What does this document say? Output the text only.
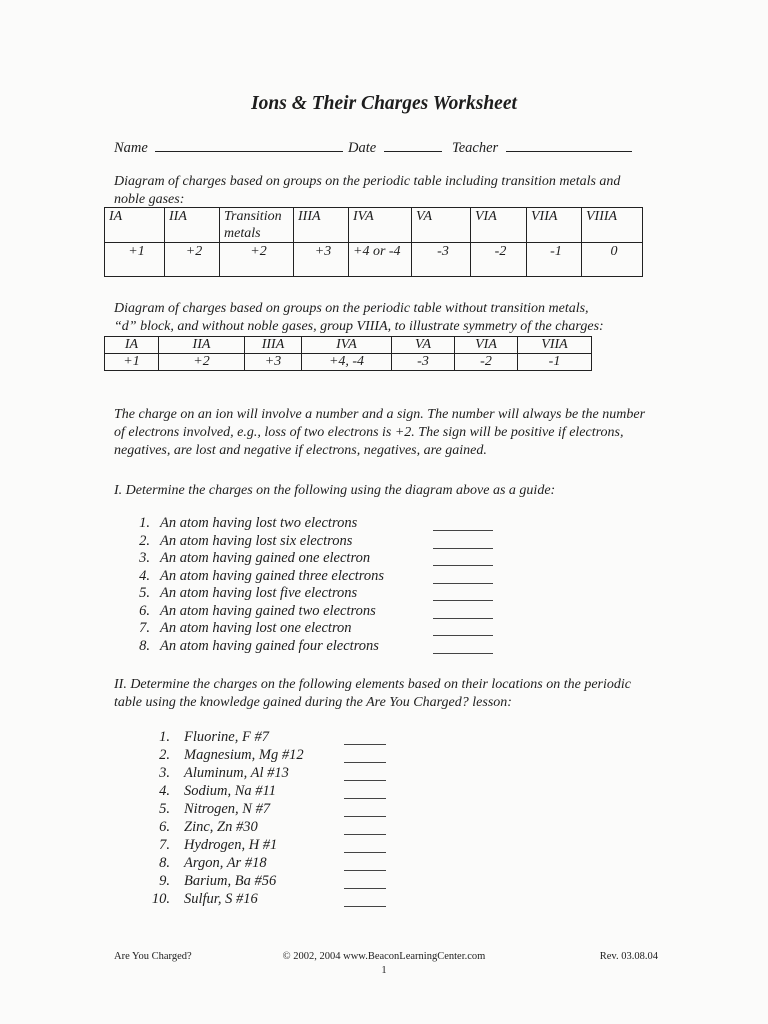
Ions & Their Charges Worksheet
Name	Date	Teacher
Diagram of charges based on groups on the periodic table including transition metals and noble gases:
IA	IIA	Transition metals	IIIA	IVA	VA	VIA	VIIA	VIIIA
+1	+2	+2	+3	+4 or -4	-3	-2	-1	0
Diagram of charges based on groups on the periodic table without transition metals,
“d” block, and without noble gases, group VIIIA, to illustrate symmetry of the charges:
IA	IIA	IIIA	IVA	VA	VIA	VIIA
+1	+2	+3	+4, -4	-3	-2	-1
The charge on an ion will involve a number and a sign. The number will always be the number of electrons involved, e.g., loss of two electrons is +2. The sign will be positive if electrons, negatives, are lost and negative if electrons, negatives, are gained.
I. Determine the charges on the following using the diagram above as a guide:
1. An atom having lost two electrons
2. An atom having lost six electrons
3. An atom having gained one electron
4. An atom having gained three electrons
5. An atom having lost five electrons
6. An atom having gained two electrons
7. An atom having lost one electron
8. An atom having gained four electrons
II. Determine the charges on the following elements based on their locations on the periodic table using the knowledge gained during the Are You Charged? lesson:
1. Fluorine, F #7
2. Magnesium, Mg #12
3. Aluminum, Al #13
4. Sodium, Na #11
5. Nitrogen, N #7
6. Zinc, Zn #30
7. Hydrogen, H #1
8. Argon, Ar #18
9. Barium, Ba #56
10. Sulfur, S #16
Are You Charged?	© 2002, 2004 www.BeaconLearningCenter.com
1
Rev. 03.08.04
